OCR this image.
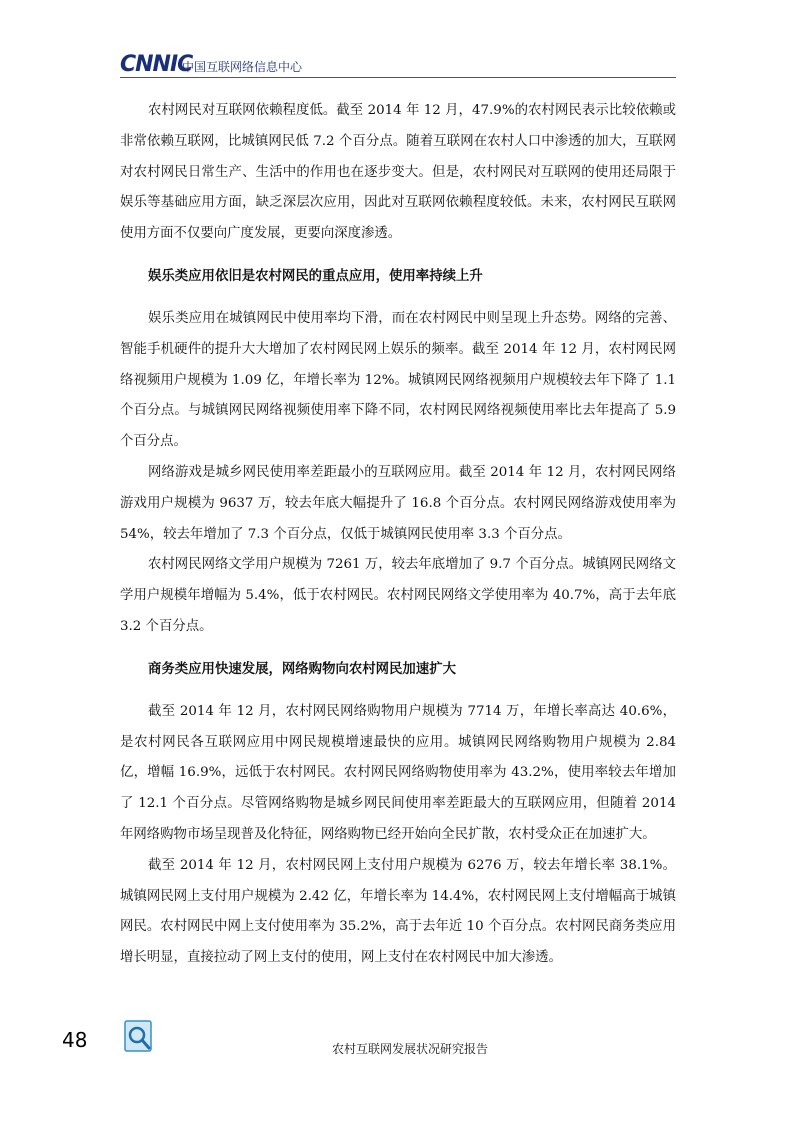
CNNIC
中国互联网络信息中心

农村网民对互联网依赖程度低。截至 2014 年 12 月，47.9%的农村网民表示比较依赖或非常依赖互联网，比城镇网民低 7.2 个百分点。随着互联网在农村人口中渗透的加大，互联网对农村网民日常生产、生活中的作用也在逐步变大。但是，农村网民对互联网的使用还局限于娱乐等基础应用方面，缺乏深层次应用，因此对互联网依赖程度较低。未来，农村网民互联网使用方面不仅要向广度发展，更要向深度渗透。

娱乐类应用依旧是农村网民的重点应用，使用率持续上升

娱乐类应用在城镇网民中使用率均下滑，而在农村网民中则呈现上升态势。网络的完善、智能手机硬件的提升大大增加了农村网民网上娱乐的频率。截至 2014 年 12 月，农村网民网络视频用户规模为 1.09 亿，年增长率为 12%。城镇网民网络视频用户规模较去年下降了 1.1 个百分点。与城镇网民网络视频使用率下降不同，农村网民网络视频使用率比去年提高了 5.9 个百分点。

网络游戏是城乡网民使用率差距最小的互联网应用。截至 2014 年 12 月，农村网民网络游戏用户规模为 9637 万，较去年底大幅提升了 16.8 个百分点。农村网民网络游戏使用率为 54%，较去年增加了 7.3 个百分点，仅低于城镇网民使用率 3.3 个百分点。

农村网民网络文学用户规模为 7261 万，较去年底增加了 9.7 个百分点。城镇网民网络文学用户规模年增幅为 5.4%，低于农村网民。农村网民网络文学使用率为 40.7%，高于去年底 3.2 个百分点。

商务类应用快速发展，网络购物向农村网民加速扩大

截至 2014 年 12 月，农村网民网络购物用户规模为 7714 万，年增长率高达 40.6%，是农村网民各互联网应用中网民规模增速最快的应用。城镇网民网络购物用户规模为 2.84 亿，增幅 16.9%，远低于农村网民。农村网民网络购物使用率为 43.2%，使用率较去年增加了 12.1 个百分点。尽管网络购物是城乡网民间使用率差距最大的互联网应用，但随着 2014 年网络购物市场呈现普及化特征，网络购物已经开始向全民扩散，农村受众正在加速扩大。

截至 2014 年 12 月，农村网民网上支付用户规模为 6276 万，较去年增长率 38.1%。城镇网民网上支付用户规模为 2.42 亿，年增长率为 14.4%，农村网民网上支付增幅高于城镇网民。农村网民中网上支付使用率为 35.2%，高于去年近 10 个百分点。农村网民商务类应用增长明显，直接拉动了网上支付的使用，网上支付在农村网民中加大渗透。

48	农村互联网发展状况研究报告
